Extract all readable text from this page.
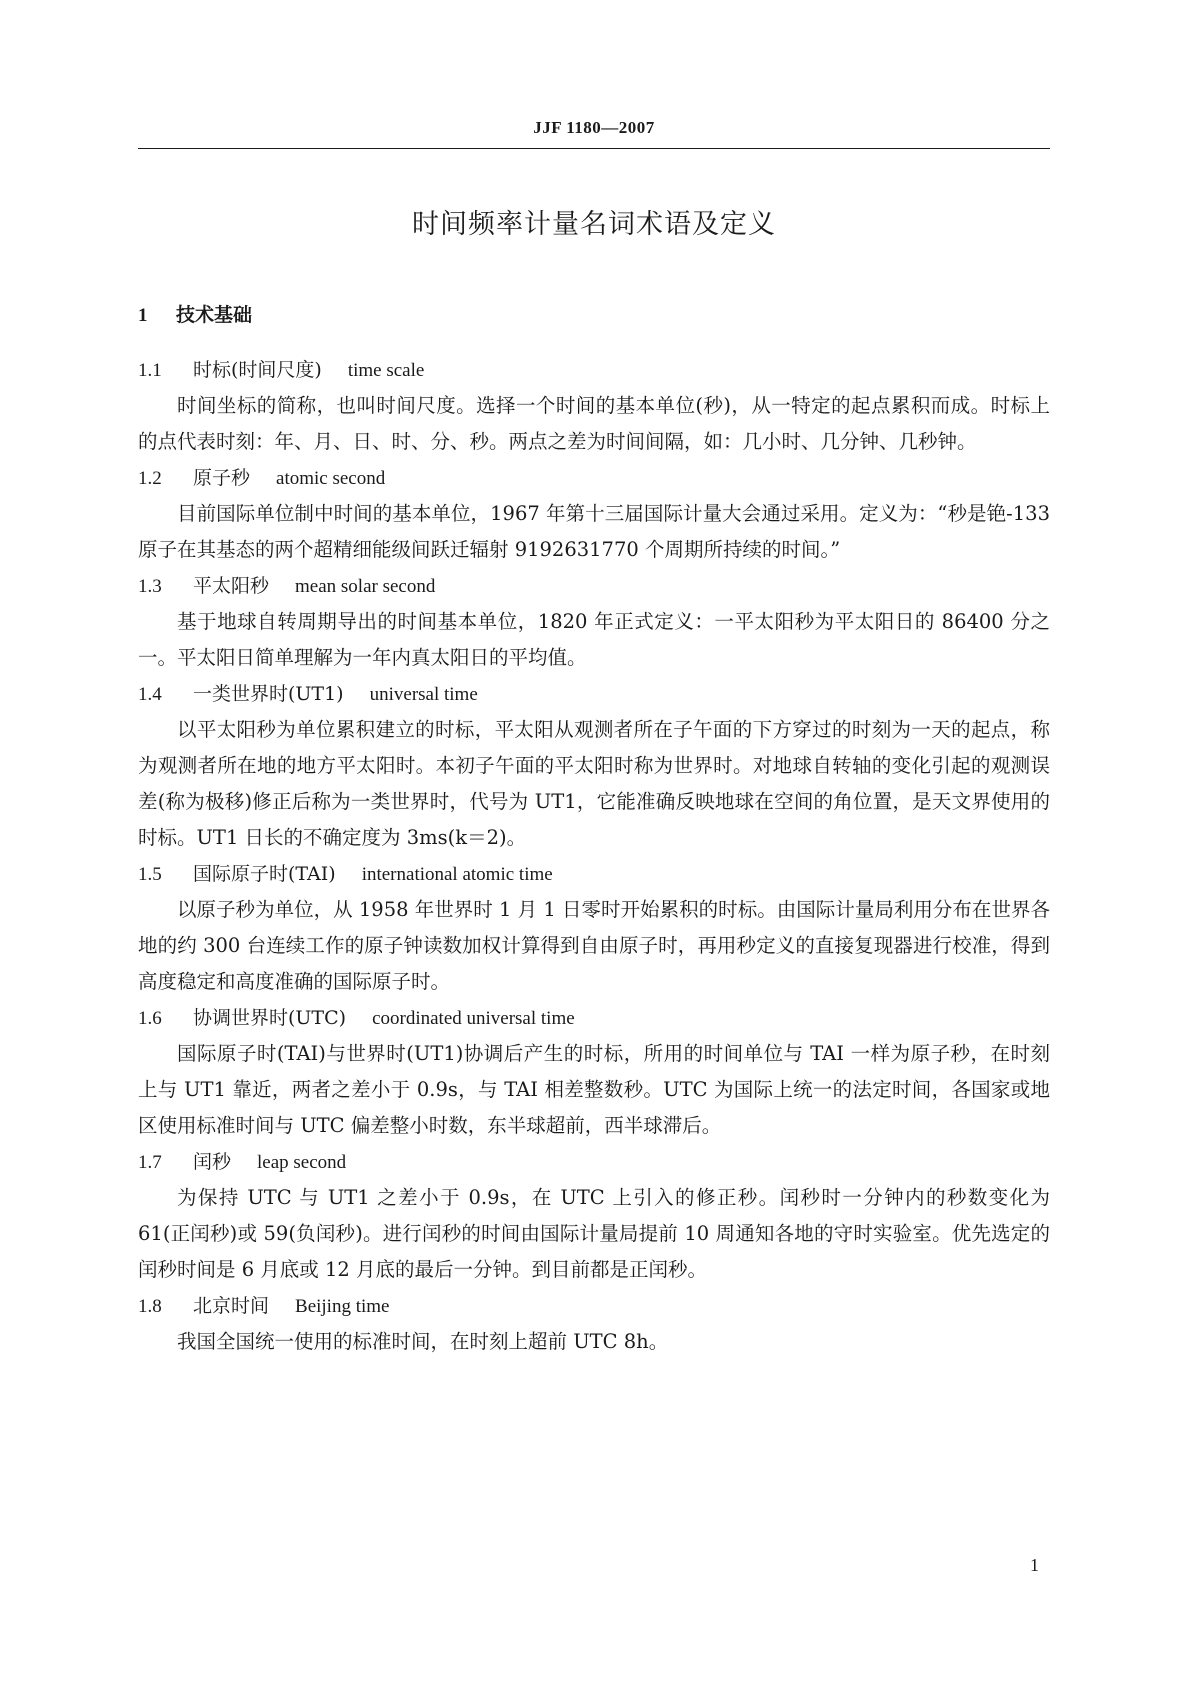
JJF 1180—2007
时间频率计量名词术语及定义
1 技术基础
1.1 时标(时间尺度) time scale

时间坐标的简称，也叫时间尺度。选择一个时间的基本单位(秒)，从一特定的起点累积而成。时标上的点代表时刻：年、月、日、时、分、秒。两点之差为时间间隔，如：几小时、几分钟、几秒钟。

1.2 原子秒 atomic second

目前国际单位制中时间的基本单位，1967 年第十三届国际计量大会通过采用。定义为：“秒是铯-133 原子在其基态的两个超精细能级间跃迁辐射 9192631770 个周期所持续的时间。”

1.3 平太阳秒 mean solar second

基于地球自转周期导出的时间基本单位，1820 年正式定义：一平太阳秒为平太阳日的 86400 分之一。平太阳日简单理解为一年内真太阳日的平均值。

1.4 一类世界时(UT1) universal time

以平太阳秒为单位累积建立的时标，平太阳从观测者所在子午面的下方穿过的时刻为一天的起点，称为观测者所在地的地方平太阳时。本初子午面的平太阳时称为世界时。对地球自转轴的变化引起的观测误差(称为极移)修正后称为一类世界时，代号为 UT1，它能准确反映地球在空间的角位置，是天文界使用的时标。UT1 日长的不确定度为 3ms(k＝2)。

1.5 国际原子时(TAI) international atomic time

以原子秒为单位，从 1958 年世界时 1 月 1 日零时开始累积的时标。由国际计量局利用分布在世界各地的约 300 台连续工作的原子钟读数加权计算得到自由原子时，再用秒定义的直接复现器进行校准，得到高度稳定和高度准确的国际原子时。

1.6 协调世界时(UTC) coordinated universal time

国际原子时(TAI)与世界时(UT1)协调后产生的时标，所用的时间单位与 TAI 一样为原子秒，在时刻上与 UT1 靠近，两者之差小于 0.9s，与 TAI 相差整数秒。UTC 为国际上统一的法定时间，各国家或地区使用标准时间与 UTC 偏差整小时数，东半球超前，西半球滞后。

1.7 闰秒 leap second

为保持 UTC 与 UT1 之差小于 0.9s，在 UTC 上引入的修正秒。闰秒时一分钟内的秒数变化为 61(正闰秒)或 59(负闰秒)。进行闰秒的时间由国际计量局提前 10 周通知各地的守时实验室。优先选定的闰秒时间是 6 月底或 12 月底的最后一分钟。到目前都是正闰秒。

1.8 北京时间 Beijing time

我国全国统一使用的标准时间，在时刻上超前 UTC 8h。

1
